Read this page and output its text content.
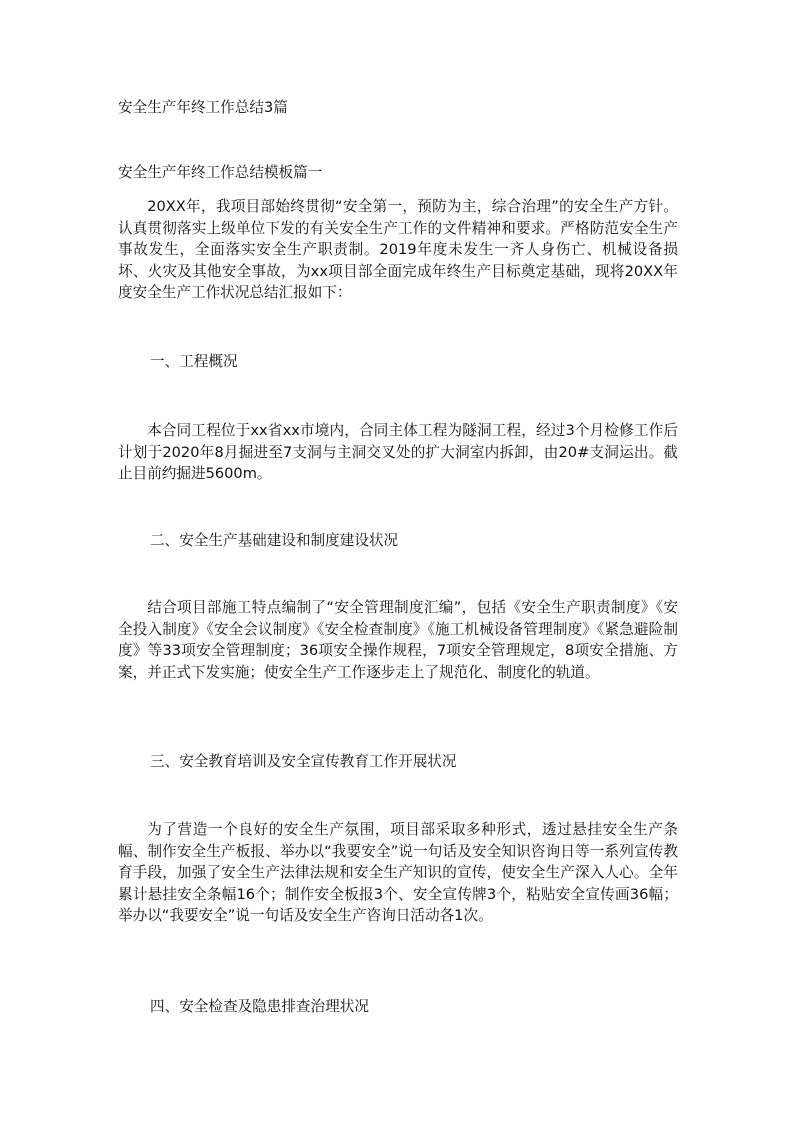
安全生产年终工作总结3篇
安全生产年终工作总结模板篇一

20XX年，我项目部始终贯彻“安全第一，预防为主，综合治理”的安全生产方针。认真贯彻落实上级单位下发的有关安全生产工作的文件精神和要求。严格防范安全生产事故发生，全面落实安全生产职责制。2019年度未发生一齐人身伤亡、机械设备损坏、火灾及其他安全事故，为xx项目部全面完成年终生产目标奠定基础，现将20XX年度安全生产工作状况总结汇报如下：

一、工程概况

本合同工程位于xx省xx市境内，合同主体工程为隧洞工程，经过3个月检修工作后计划于2020年8月掘进至7支洞与主洞交叉处的扩大洞室内拆卸，由20#支洞运出。截止目前约掘进5600m。

二、安全生产基础建设和制度建设状况

结合项目部施工特点编制了“安全管理制度汇编”，包括《安全生产职责制度》《安全投入制度》《安全会议制度》《安全检查制度》《施工机械设备管理制度》《紧急避险制度》等33项安全管理制度；36项安全操作规程，7项安全管理规定，8项安全措施、方案，并正式下发实施；使安全生产工作逐步走上了规范化、制度化的轨道。

三、安全教育培训及安全宣传教育工作开展状况

为了营造一个良好的安全生产氛围，项目部采取多种形式，透过悬挂安全生产条幅、制作安全生产板报、举办以“我要安全”说一句话及安全知识咨询日等一系列宣传教育手段，加强了安全生产法律法规和安全生产知识的宣传，使安全生产深入人心。全年累计悬挂安全条幅16个；制作安全板报3个、安全宣传牌3个，粘贴安全宣传画36幅；举办以“我要安全”说一句话及安全生产咨询日活动各1次。

四、安全检查及隐患排查治理状况
